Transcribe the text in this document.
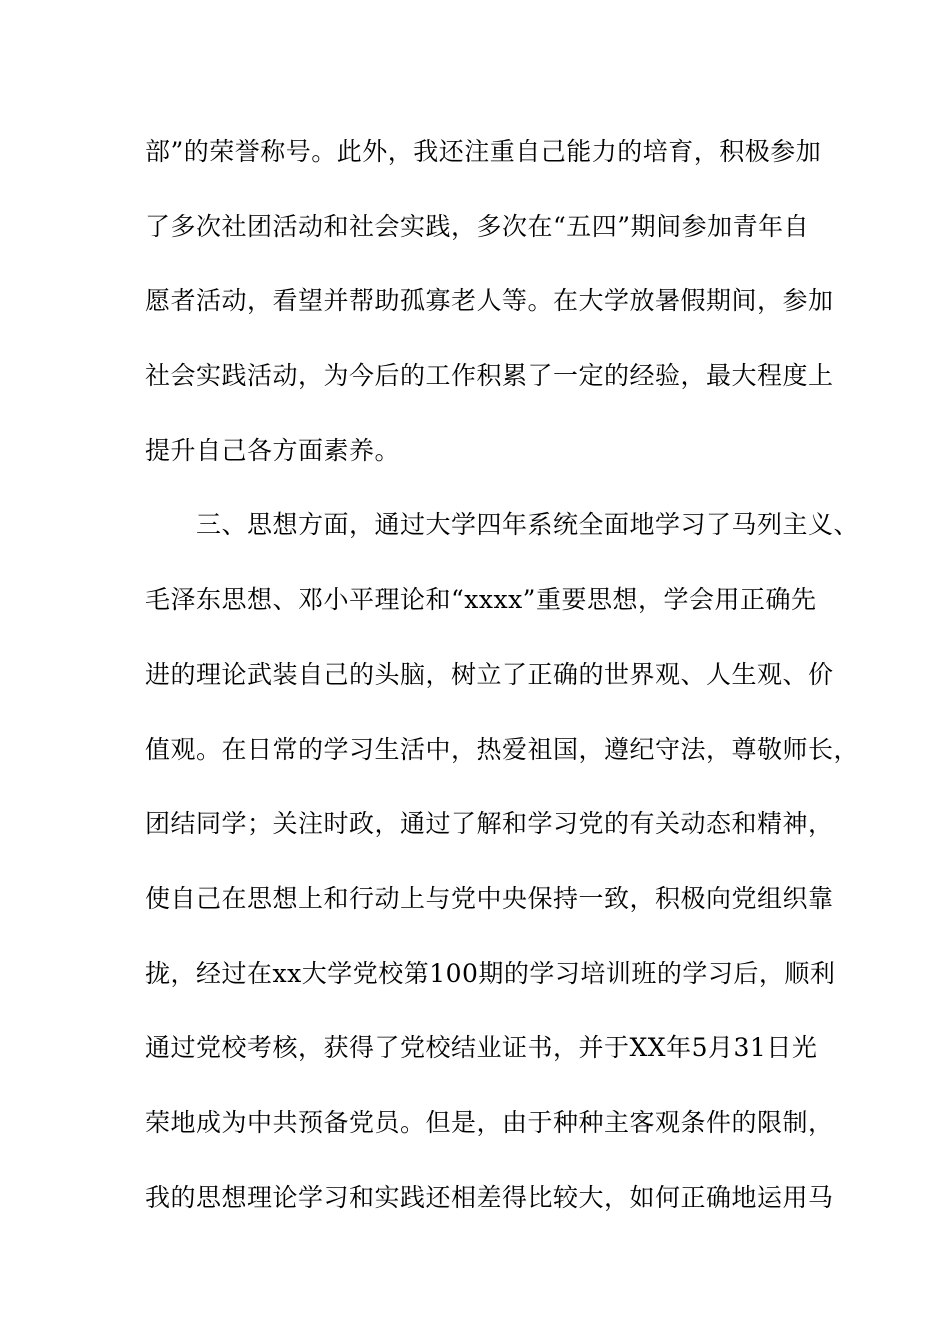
部”的荣誉称号。此外，我还注重自己能力的培育，积极参加
了多次社团活动和社会实践，多次在“五四”期间参加青年自
愿者活动，看望并帮助孤寡老人等。在大学放暑假期间，参加
社会实践活动，为今后的工作积累了一定的经验，最大程度上
提升自己各方面素养。
　　三、思想方面，通过大学四年系统全面地学习了马列主义、
毛泽东思想、邓小平理论和“xxxx”重要思想，学会用正确先
进的理论武装自己的头脑，树立了正确的世界观、人生观、价
值观。在日常的学习生活中，热爱祖国，遵纪守法，尊敬师长，
团结同学；关注时政，通过了解和学习党的有关动态和精神，
使自己在思想上和行动上与党中央保持一致，积极向党组织靠
拢，经过在xx大学党校第100期的学习培训班的学习后，顺利
通过党校考核，获得了党校结业证书，并于XX年5月31日光
荣地成为中共预备党员。但是，由于种种主客观条件的限制，
我的思想理论学习和实践还相差得比较大，如何正确地运用马
